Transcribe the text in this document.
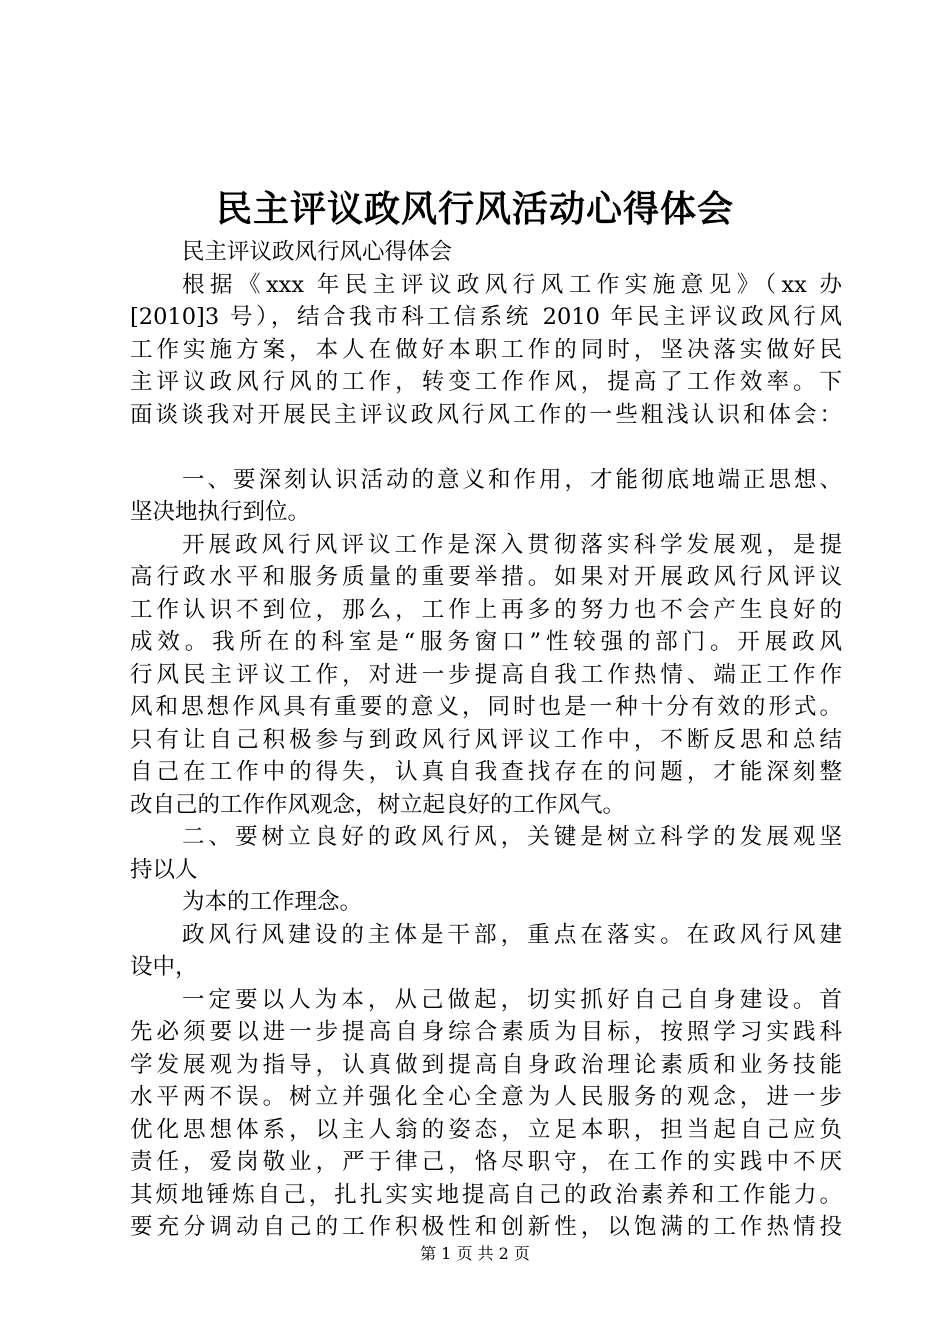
民主评议政风行风活动心得体会

民主评议政风行风心得体会

根据《xxx 年民主评议政风行风工作实施意见》（xx 办

[2010]3 号），结合我市科工信系统 2010 年民主评议政风行风

工作实施方案，本人在做好本职工作的同时，坚决落实做好民

主评议政风行风的工作，转变工作作风，提高了工作效率。下

面谈谈我对开展民主评议政风行风工作的一些粗浅认识和体会：

一、要深刻认识活动的意义和作用，才能彻底地端正思想、

坚决地执行到位。

开展政风行风评议工作是深入贯彻落实科学发展观，是提

高行政水平和服务质量的重要举措。如果对开展政风行风评议

工作认识不到位，那么，工作上再多的努力也不会产生良好的

成效。我所在的科室是“服务窗口”性较强的部门。开展政风

行风民主评议工作，对进一步提高自我工作热情、端正工作作

风和思想作风具有重要的意义，同时也是一种十分有效的形式。

只有让自己积极参与到政风行风评议工作中，不断反思和总结

自己在工作中的得失，认真自我查找存在的问题，才能深刻整

改自己的工作作风观念，树立起良好的工作风气。

二、要树立良好的政风行风，关键是树立科学的发展观坚

持以人

为本的工作理念。

政风行风建设的主体是干部，重点在落实。在政风行风建

设中，

一定要以人为本，从己做起，切实抓好自己自身建设。首

先必须要以进一步提高自身综合素质为目标，按照学习实践科

学发展观为指导，认真做到提高自身政治理论素质和业务技能

水平两不误。树立并强化全心全意为人民服务的观念，进一步

优化思想体系，以主人翁的姿态，立足本职，担当起自己应负

责任，爱岗敬业，严于律己，恪尽职守，在工作的实践中不厌

其烦地锤炼自己，扎扎实实地提高自己的政治素养和工作能力。

要充分调动自己的工作积极性和创新性，以饱满的工作热情投

第 1 页 共 2 页
